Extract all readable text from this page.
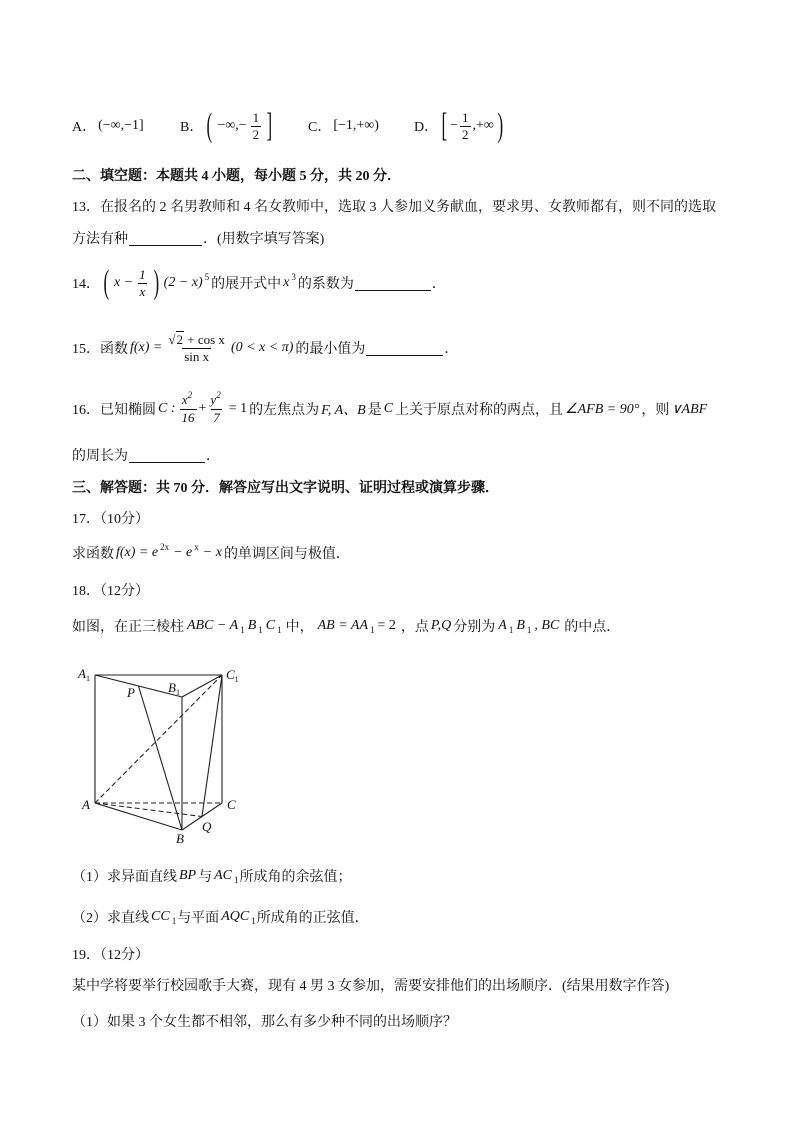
A． (−∞,−1]	B． ( −∞,− $\frac{1}{2}$ ]	C． [−1,+∞)	D． [ − $\frac{1}{2}$ ,+∞ )
二、填空题：本题共 4 小题，每小题 5 分，共 20 分．
13．在报名的 2 名男教师和 4 名女教师中，选取 3 人参加义务献血，要求男、女教师都有，则不同的选取
方法有种	．(用数字填写答案)
14． ( $x - \frac{1}{x}$ ) (2 − x) 5 的展开式中 x 3 的系数为	．
15．函数 $f(x) = \frac{\text{√2 + cos x}}{\text{sin x}} (0 < x < \pi)$ 的最小值为	．
16．已知椭圆 C : $\frac{x^2}{16} + \frac{y^2}{7} = 1$ 的左焦点为 F, A、B 是 C 上关于原点对称的两点，且 ∠AFB = 90° ，则 ∨ABF
的周长为	．
三、解答题：共 70 分．解答应写出文字说明、证明过程或演算步骤．
17．（10分）
求函数 f(x) = e 2x − e x − x 的单调区间与极值．
18．（12分）
如图，在正三棱柱 ABC − A 1 B 1 C 1 中， AB = AA 1 = 2 ，点 P,Q 分别为 A 1 B 1 , BC 的中点．
$A_1$
P	$B_1$
$C_1$
A
B
Q
C
（1）求异面直线 BP 与 AC 1 所成角的余弦值；
（2）求直线 CC 1 与平面 AQC 1 所成角的正弦值．
19．（12分）
某中学将要举行校园歌手大赛，现有 4 男 3 女参加，需要安排他们的出场顺序．(结果用数字作答)
（1）如果 3 个女生都不相邻，那么有多少种不同的出场顺序？
